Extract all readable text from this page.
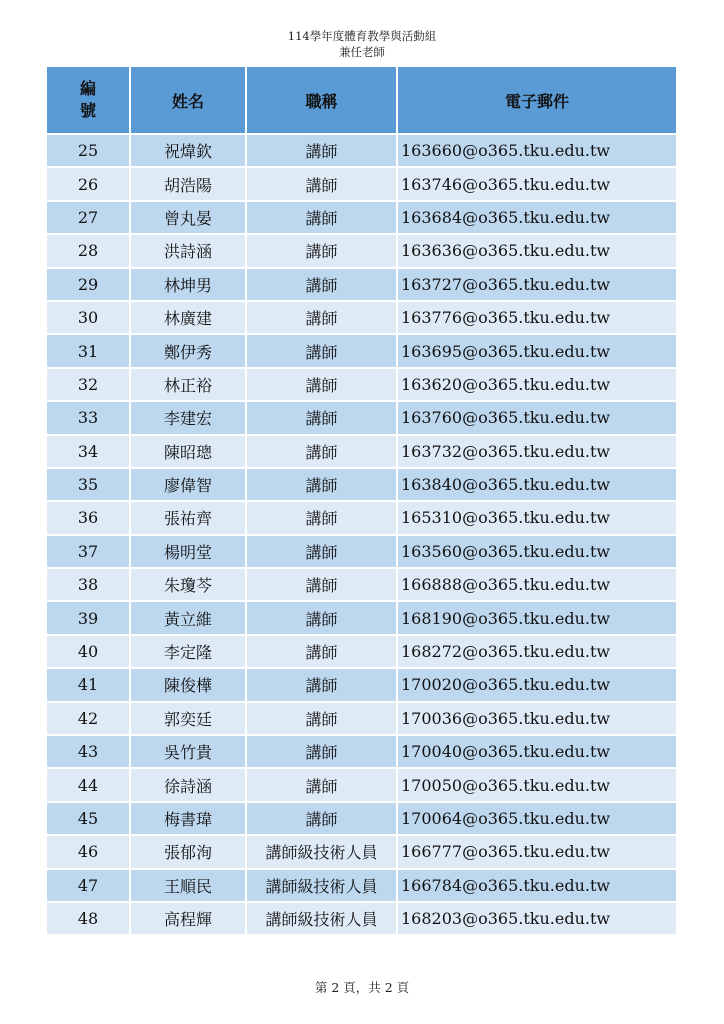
114學年度體育教學與活動組
兼任老師
編
號	姓名	職稱	電子郵件
25	祝煒欽	講師	163660@o365.tku.edu.tw
26	胡浩陽	講師	163746@o365.tku.edu.tw
27	曾丸晏	講師	163684@o365.tku.edu.tw
28	洪詩涵	講師	163636@o365.tku.edu.tw
29	林坤男	講師	163727@o365.tku.edu.tw
30	林廣建	講師	163776@o365.tku.edu.tw
31	鄭伊秀	講師	163695@o365.tku.edu.tw
32	林正裕	講師	163620@o365.tku.edu.tw
33	李建宏	講師	163760@o365.tku.edu.tw
34	陳昭璁	講師	163732@o365.tku.edu.tw
35	廖偉智	講師	163840@o365.tku.edu.tw
36	張祐齊	講師	165310@o365.tku.edu.tw
37	楊明堂	講師	163560@o365.tku.edu.tw
38	朱瓊芩	講師	166888@o365.tku.edu.tw
39	黃立維	講師	168190@o365.tku.edu.tw
40	李定隆	講師	168272@o365.tku.edu.tw
41	陳俊樺	講師	170020@o365.tku.edu.tw
42	郭奕廷	講師	170036@o365.tku.edu.tw
43	吳竹貴	講師	170040@o365.tku.edu.tw
44	徐詩涵	講師	170050@o365.tku.edu.tw
45	梅書瑋	講師	170064@o365.tku.edu.tw
46	張郁洵	講師級技術人員	166777@o365.tku.edu.tw
47	王順民	講師級技術人員	166784@o365.tku.edu.tw
48	高程輝	講師級技術人員	168203@o365.tku.edu.tw
第 2 頁，共 2 頁
